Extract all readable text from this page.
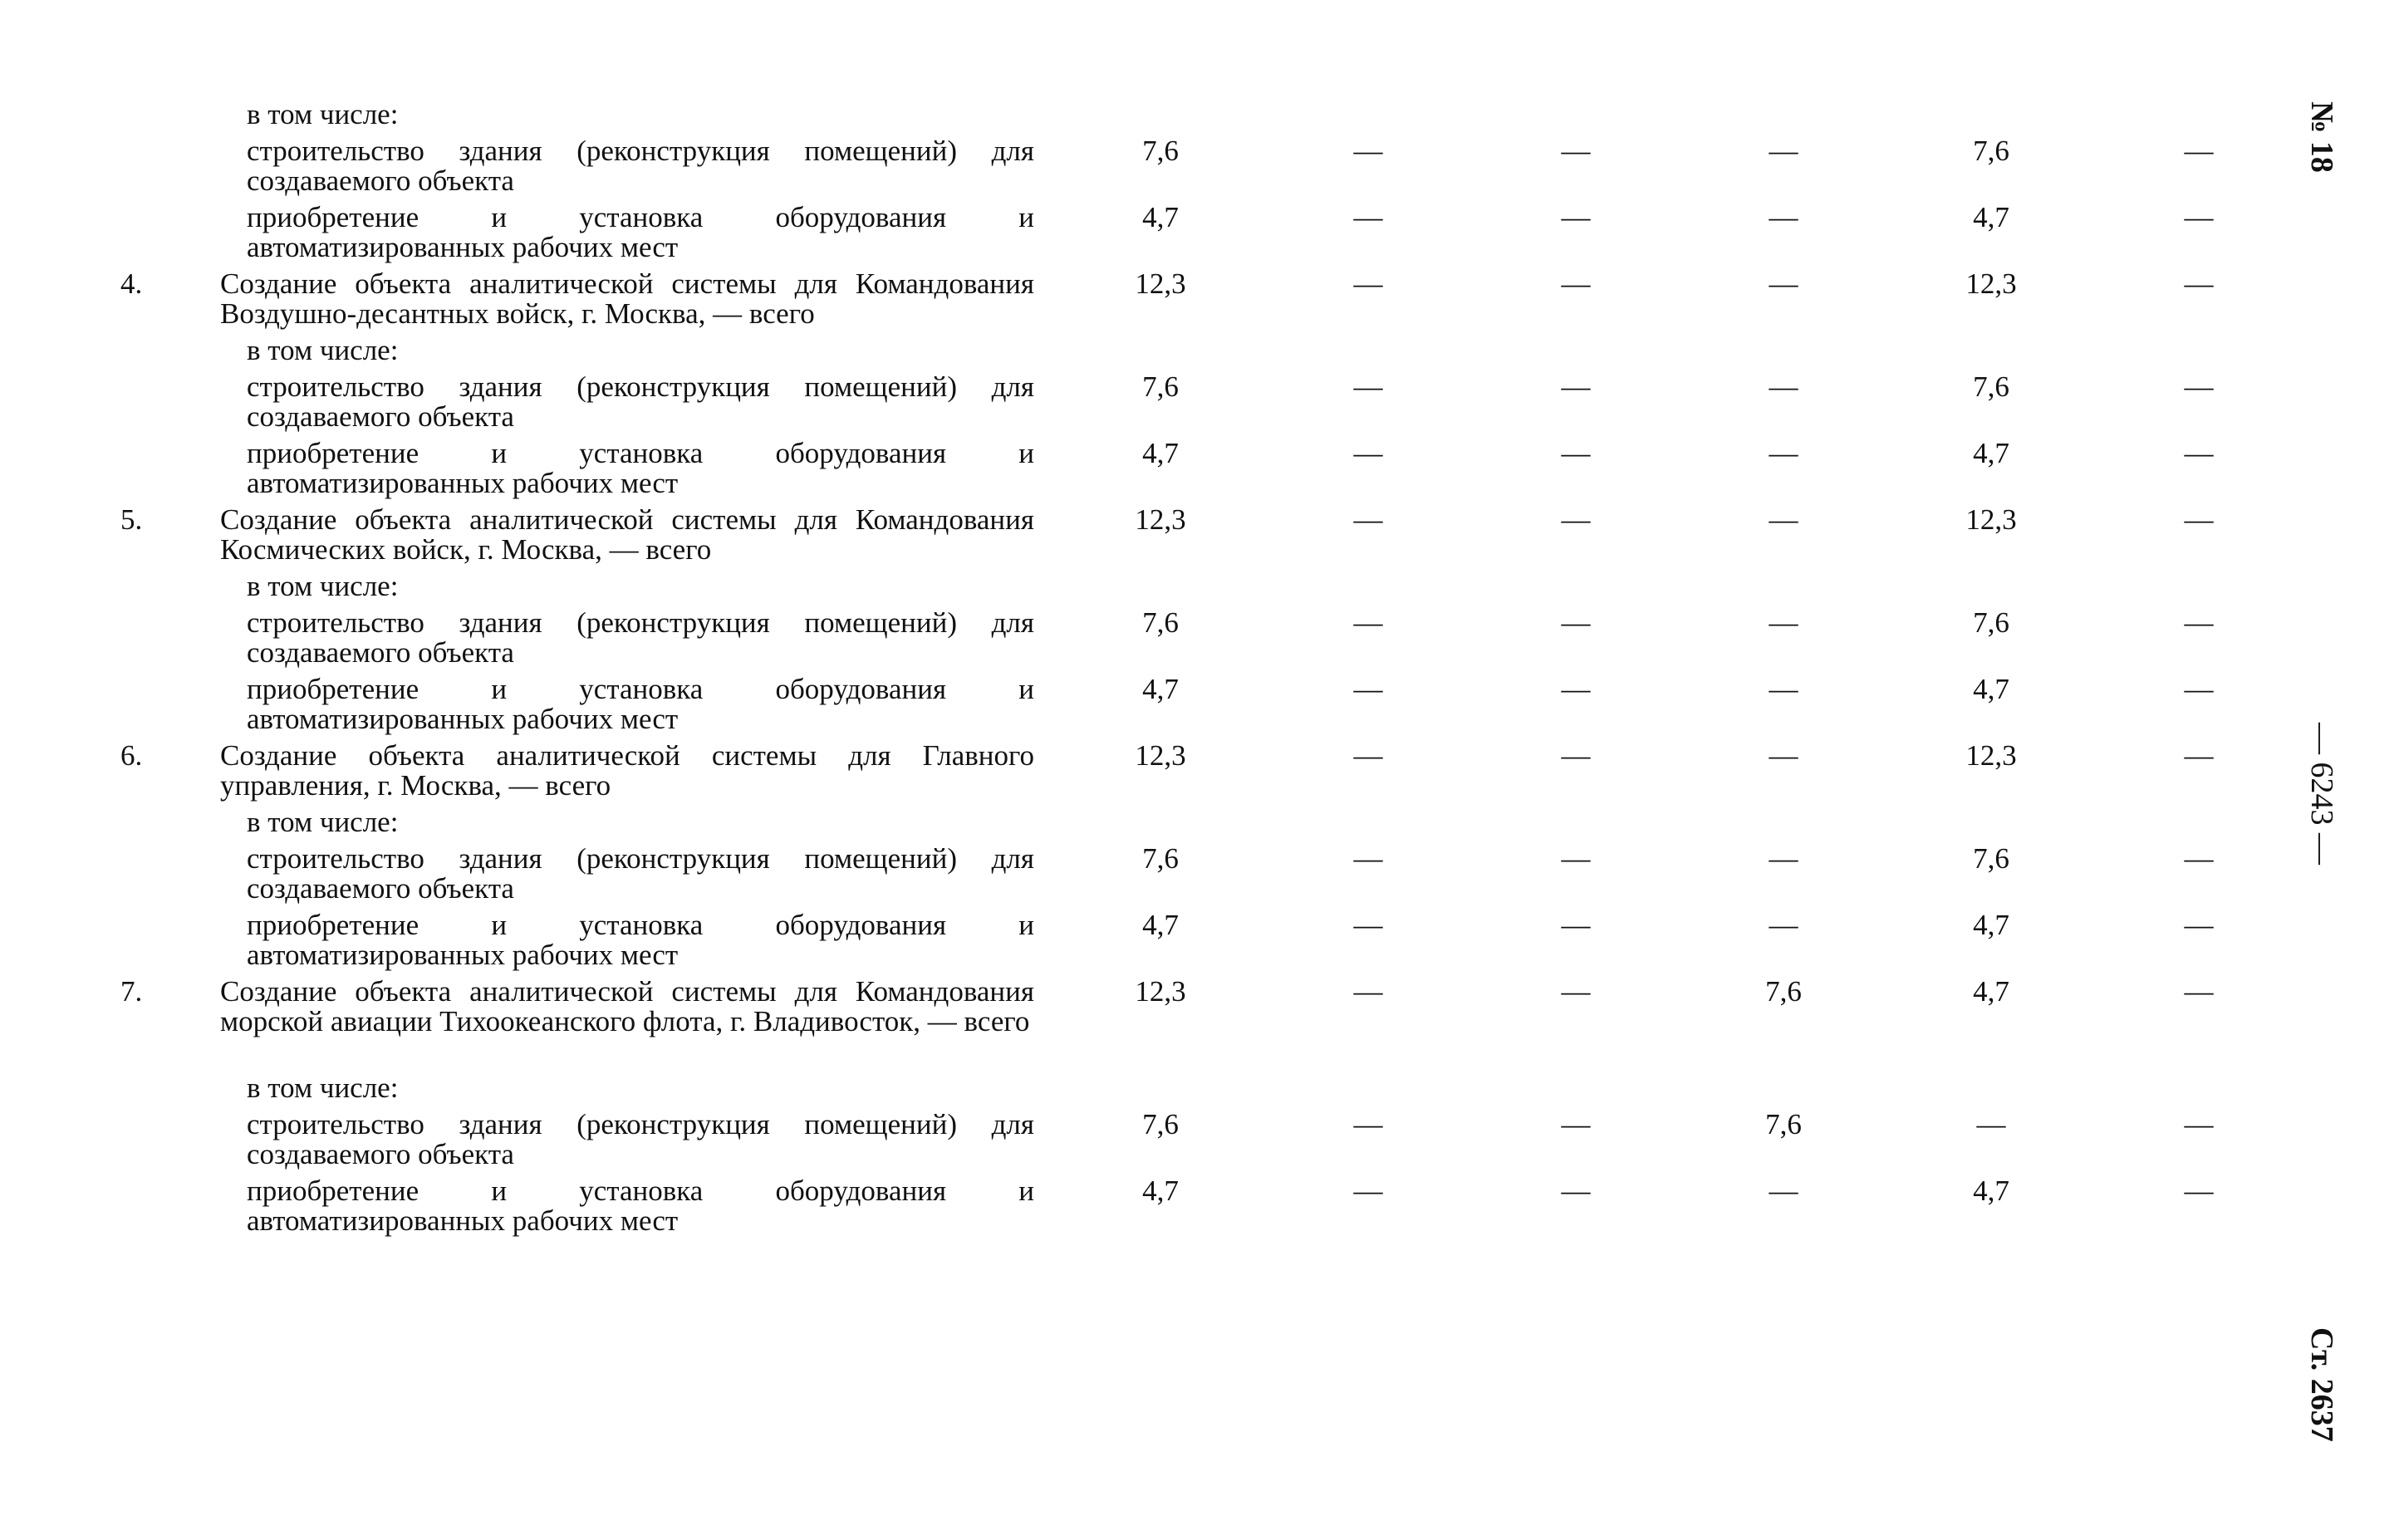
в том числе:
строительство здания (реконструкция помещений) для создаваемого объекта
7,6	—	—	—	7,6	—
приобретение и установка оборудования и автоматизированных рабочих мест
4,7	—	—	—	4,7	—
4.	Создание объекта аналитической системы для Командования Воздушно-десантных войск, г. Москва, — всего
12,3	—	—	—	12,3	—
в том числе:
строительство здания (реконструкция помещений) для создаваемого объекта
7,6	—	—	—	7,6	—
приобретение и установка оборудования и автоматизированных рабочих мест
4,7	—	—	—	4,7	—
5.	Создание объекта аналитической системы для Командования Космических войск, г. Москва, — всего
12,3	—	—	—	12,3	—
в том числе:
строительство здания (реконструкция помещений) для создаваемого объекта
7,6	—	—	—	7,6	—
приобретение и установка оборудования и автоматизированных рабочих мест
4,7	—	—	—	4,7	—
6.	Создание объекта аналитической системы для Главного управления, г. Москва, — всего
12,3	—	—	—	12,3	—
в том числе:
строительство здания (реконструкция помещений) для создаваемого объекта
7,6	—	—	—	7,6	—
приобретение и установка оборудования и автоматизированных рабочих мест
4,7	—	—	—	4,7	—
7.	Создание объекта аналитической системы для Командования морской авиации Тихоокеанского флота, г. Владивосток, — всего
12,3	—	—	7,6	4,7	—
в том числе:
строительство здания (реконструкция помещений) для создаваемого объекта
7,6	—	—	7,6	—	—
приобретение и установка оборудования и автоматизированных рабочих мест
4,7	—	—	—	4,7	—
№ 18
— 6243 —
Ст. 2637
